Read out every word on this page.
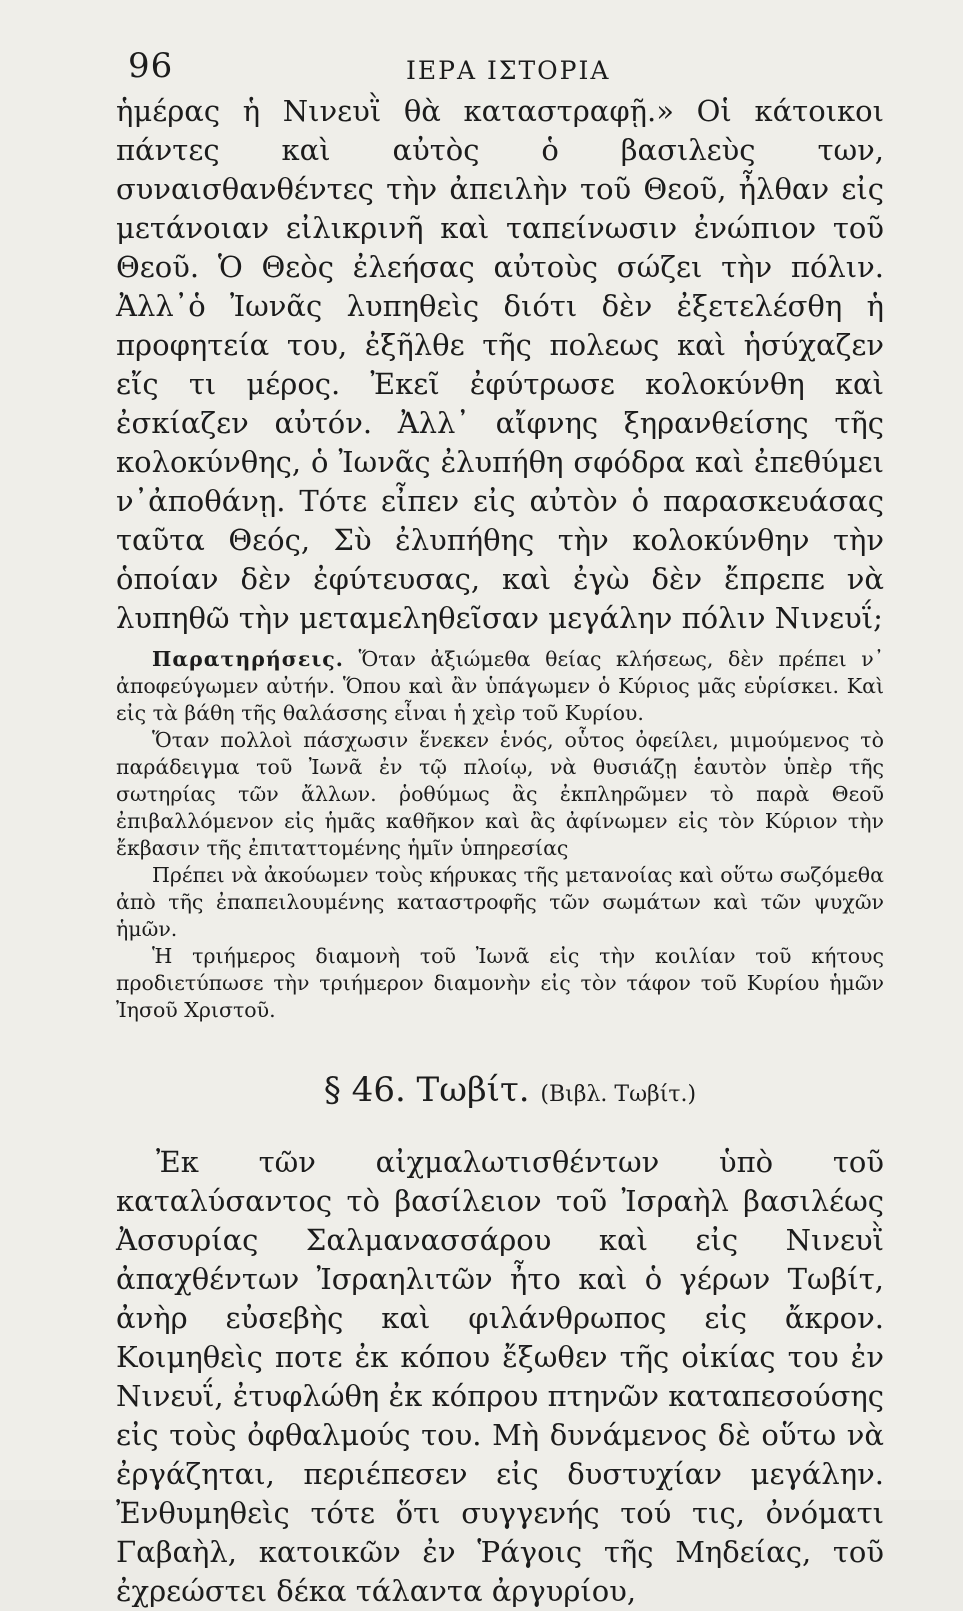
96	ΙΕΡΑ ΙΣΤΟΡΙΑ

ἡμέρας ἡ Νινευῒ θὰ καταστραφῇ.» Οἱ κάτοικοι πάντες καὶ αὐτὸς ὁ βασιλεὺς των, συναισθανθέντες τὴν ἀπειλὴν τοῦ Θεοῦ, ἦλθαν εἰς μετάνοιαν εἰλικρινῆ καὶ ταπείνωσιν ἐνώπιον τοῦ Θεοῦ. Ὁ Θεὸς ἐλεήσας αὐτοὺς σώζει τὴν πόλιν. Ἀλλ᾽ὁ Ἰωνᾶς λυπηθεὶς διότι δὲν ἐξετελέσθη ἡ προφητεία του, ἐξῆλθε τῆς πολεως καὶ ἡσύχαζεν εἴς τι μέρος. Ἐκεῖ ἐφύτρωσε κολοκύνθη καὶ ἐσκίαζεν αὐτόν. Ἀλλ᾽ αἴφνης ξηρανθείσης τῆς κολοκύνθης, ὁ Ἰωνᾶς ἐλυπήθη σφόδρα καὶ ἐπεθύμει ν᾽ἀποθάνῃ. Τότε εἶπεν εἰς αὐτὸν ὁ παρασκευάσας ταῦτα Θεός, Σὺ ἐλυπήθης τὴν κολοκύνθην τὴν ὁποίαν δὲν ἐφύτευσας, καὶ ἐγὼ δὲν ἔπρεπε νὰ λυπηθῶ τὴν μεταμεληθεῖσαν μεγάλην πόλιν Νινευΐ;

Παρατηρήσεις. Ὅταν ἀξιώμεθα θείας κλήσεως, δὲν πρέπει ν᾽ ἀποφεύγωμεν αὐτήν. Ὅπου καὶ ἂν ὑπάγωμεν ὁ Κύριος μᾶς εὑρίσκει. Καὶ εἰς τὰ βάθη τῆς θαλάσσης εἶναι ἡ χεὶρ τοῦ Κυρίου.

Ὅταν πολλοὶ πάσχωσιν ἕνεκεν ἑνός, οὗτος ὀφείλει, μιμούμενος τὸ παράδειγμα τοῦ Ἰωνᾶ ἐν τῷ πλοίῳ, νὰ θυσιάζῃ ἑαυτὸν ὑπὲρ τῆς σωτηρίας τῶν ἄλλων. ῥοθύμως ἂς ἐκπληρῶμεν τὸ παρὰ Θεοῦ ἐπιβαλλόμενον εἰς ἡμᾶς καθῆκον καὶ ἂς ἀφίνωμεν εἰς τὸν Κύριον τὴν ἔκβασιν τῆς ἐπιταττομένης ἡμῖν ὑπηρεσίας

Πρέπει νὰ ἀκούωμεν τοὺς κήρυκας τῆς μετανοίας καὶ οὕτω σωζόμεθα ἀπὸ τῆς ἐπαπειλουμένης καταστροφῆς τῶν σωμάτων καὶ τῶν ψυχῶν ἡμῶν.

Ἡ τριήμερος διαμονὴ τοῦ Ἰωνᾶ εἰς τὴν κοιλίαν τοῦ κήτους προδιετύπωσε τὴν τριήμερον διαμονὴν εἰς τὸν τάφον τοῦ Κυρίου ἡμῶν Ἰησοῦ Χριστοῦ.

§ 46. Τωβίτ. (Βιβλ. Τωβίτ.)

Ἐκ τῶν αἰχμαλωτισθέντων ὑπὸ τοῦ καταλύσαντος τὸ βασίλειον τοῦ Ἰσραὴλ βασιλέως Ἀσσυρίας Σαλμανασσάρου καὶ εἰς Νινευῒ ἀπαχθέντων Ἰσραηλιτῶν ἦτο καὶ ὁ γέρων Τωβίτ, ἀνὴρ εὐσεβὴς καὶ φιλάνθρωπος εἰς ἄκρον. Κοιμηθεὶς ποτε ἐκ κόπου ἔξωθεν τῆς οἰκίας του ἐν Νινευΐ, ἐτυφλώθη ἐκ κόπρου πτηνῶν καταπεσούσης εἰς τοὺς ὀφθαλμούς του. Μὴ δυνάμενος δὲ οὕτω νὰ ἐργάζηται, περιέπεσεν εἰς δυστυχίαν μεγάλην. Ἐνθυμηθεὶς τότε ὅτι συγγενής τού τις, ὀνόματι Γαβαὴλ, κατοικῶν ἐν Ῥάγοις τῆς Μηδείας, τοῦ ἐχρεώστει δέκα τάλαντα ἀργυρίου,
